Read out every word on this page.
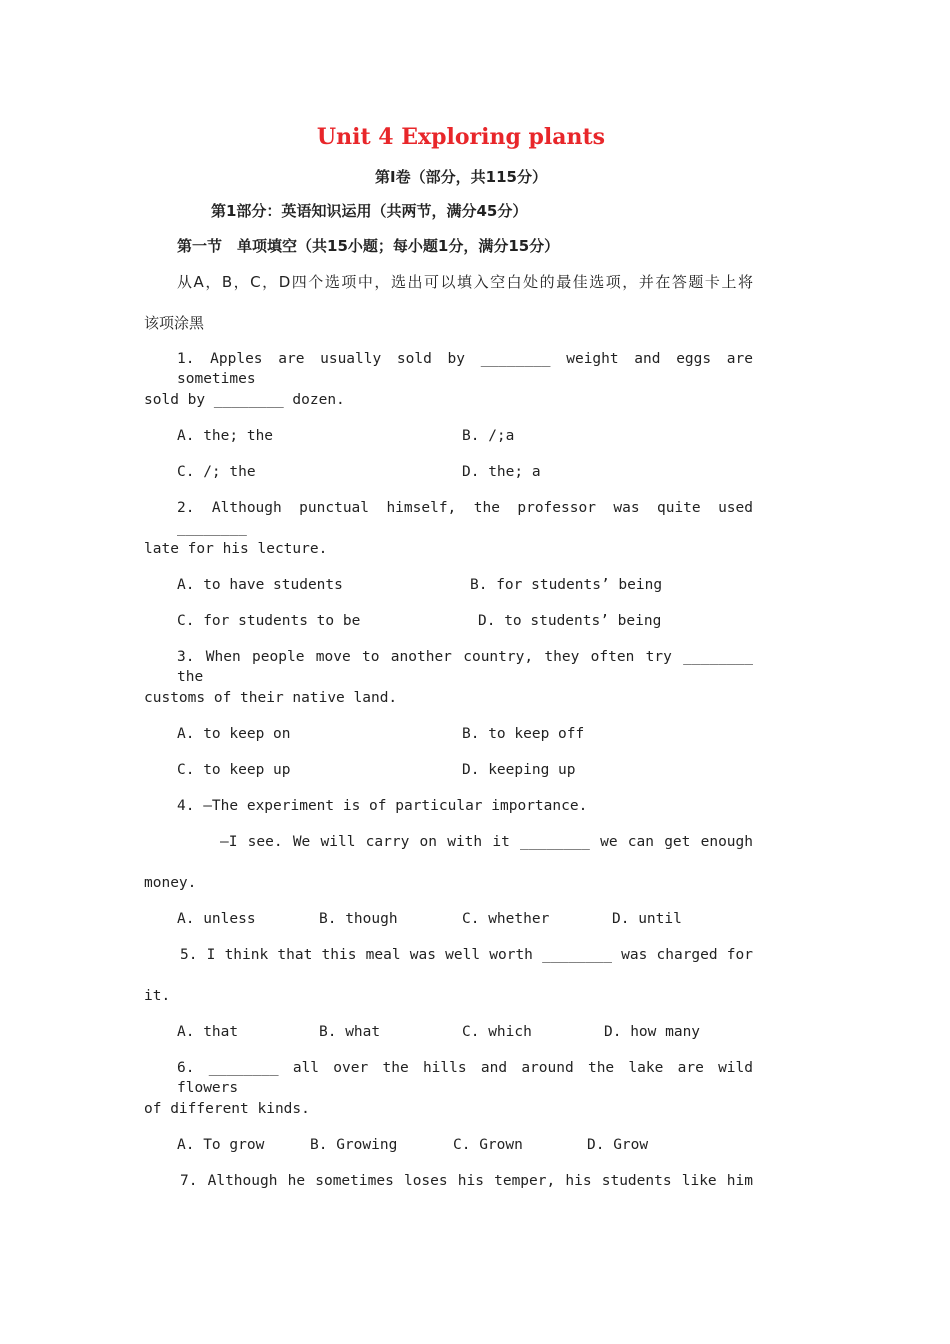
Unit 4 Exploring plants
第Ⅰ卷（部分，共115分）
第1部分：英语知识运用（共两节，满分45分）
第一节　单项填空（共15小题；每小题1分，满分15分）
从A，B，C，D四个选项中，选出可以填入空白处的最佳选项，并在答题卡上将
该项涂黑
1. Apples are usually sold by ________ weight and eggs are sometimes
sold by ________ dozen.
A. the; the	B. /;a
C. /; the	D. the; a
2. Although punctual himself, the professor was quite used ________
late for his lecture.
A. to have students	B. for students’ being
C. for students to be	D. to students’ being
3. When people move to another country, they often try ________ the
customs of their native land.
A. to keep on	B. to keep off
C. to keep up	D. keeping up
4. —The experiment is of particular importance.
—I see. We will carry on with it ________ we can get enough
money.
A. unless	B. though	C. whether	D. until
5. I think that this meal was well worth ________ was charged for
it.
A. that	B. what	C. which	D. how many
6. ________ all over the hills and around the lake are wild flowers
of different kinds.
A. To grow	B. Growing	C. Grown	D. Grow
7. Although he sometimes loses his temper, his students like him
